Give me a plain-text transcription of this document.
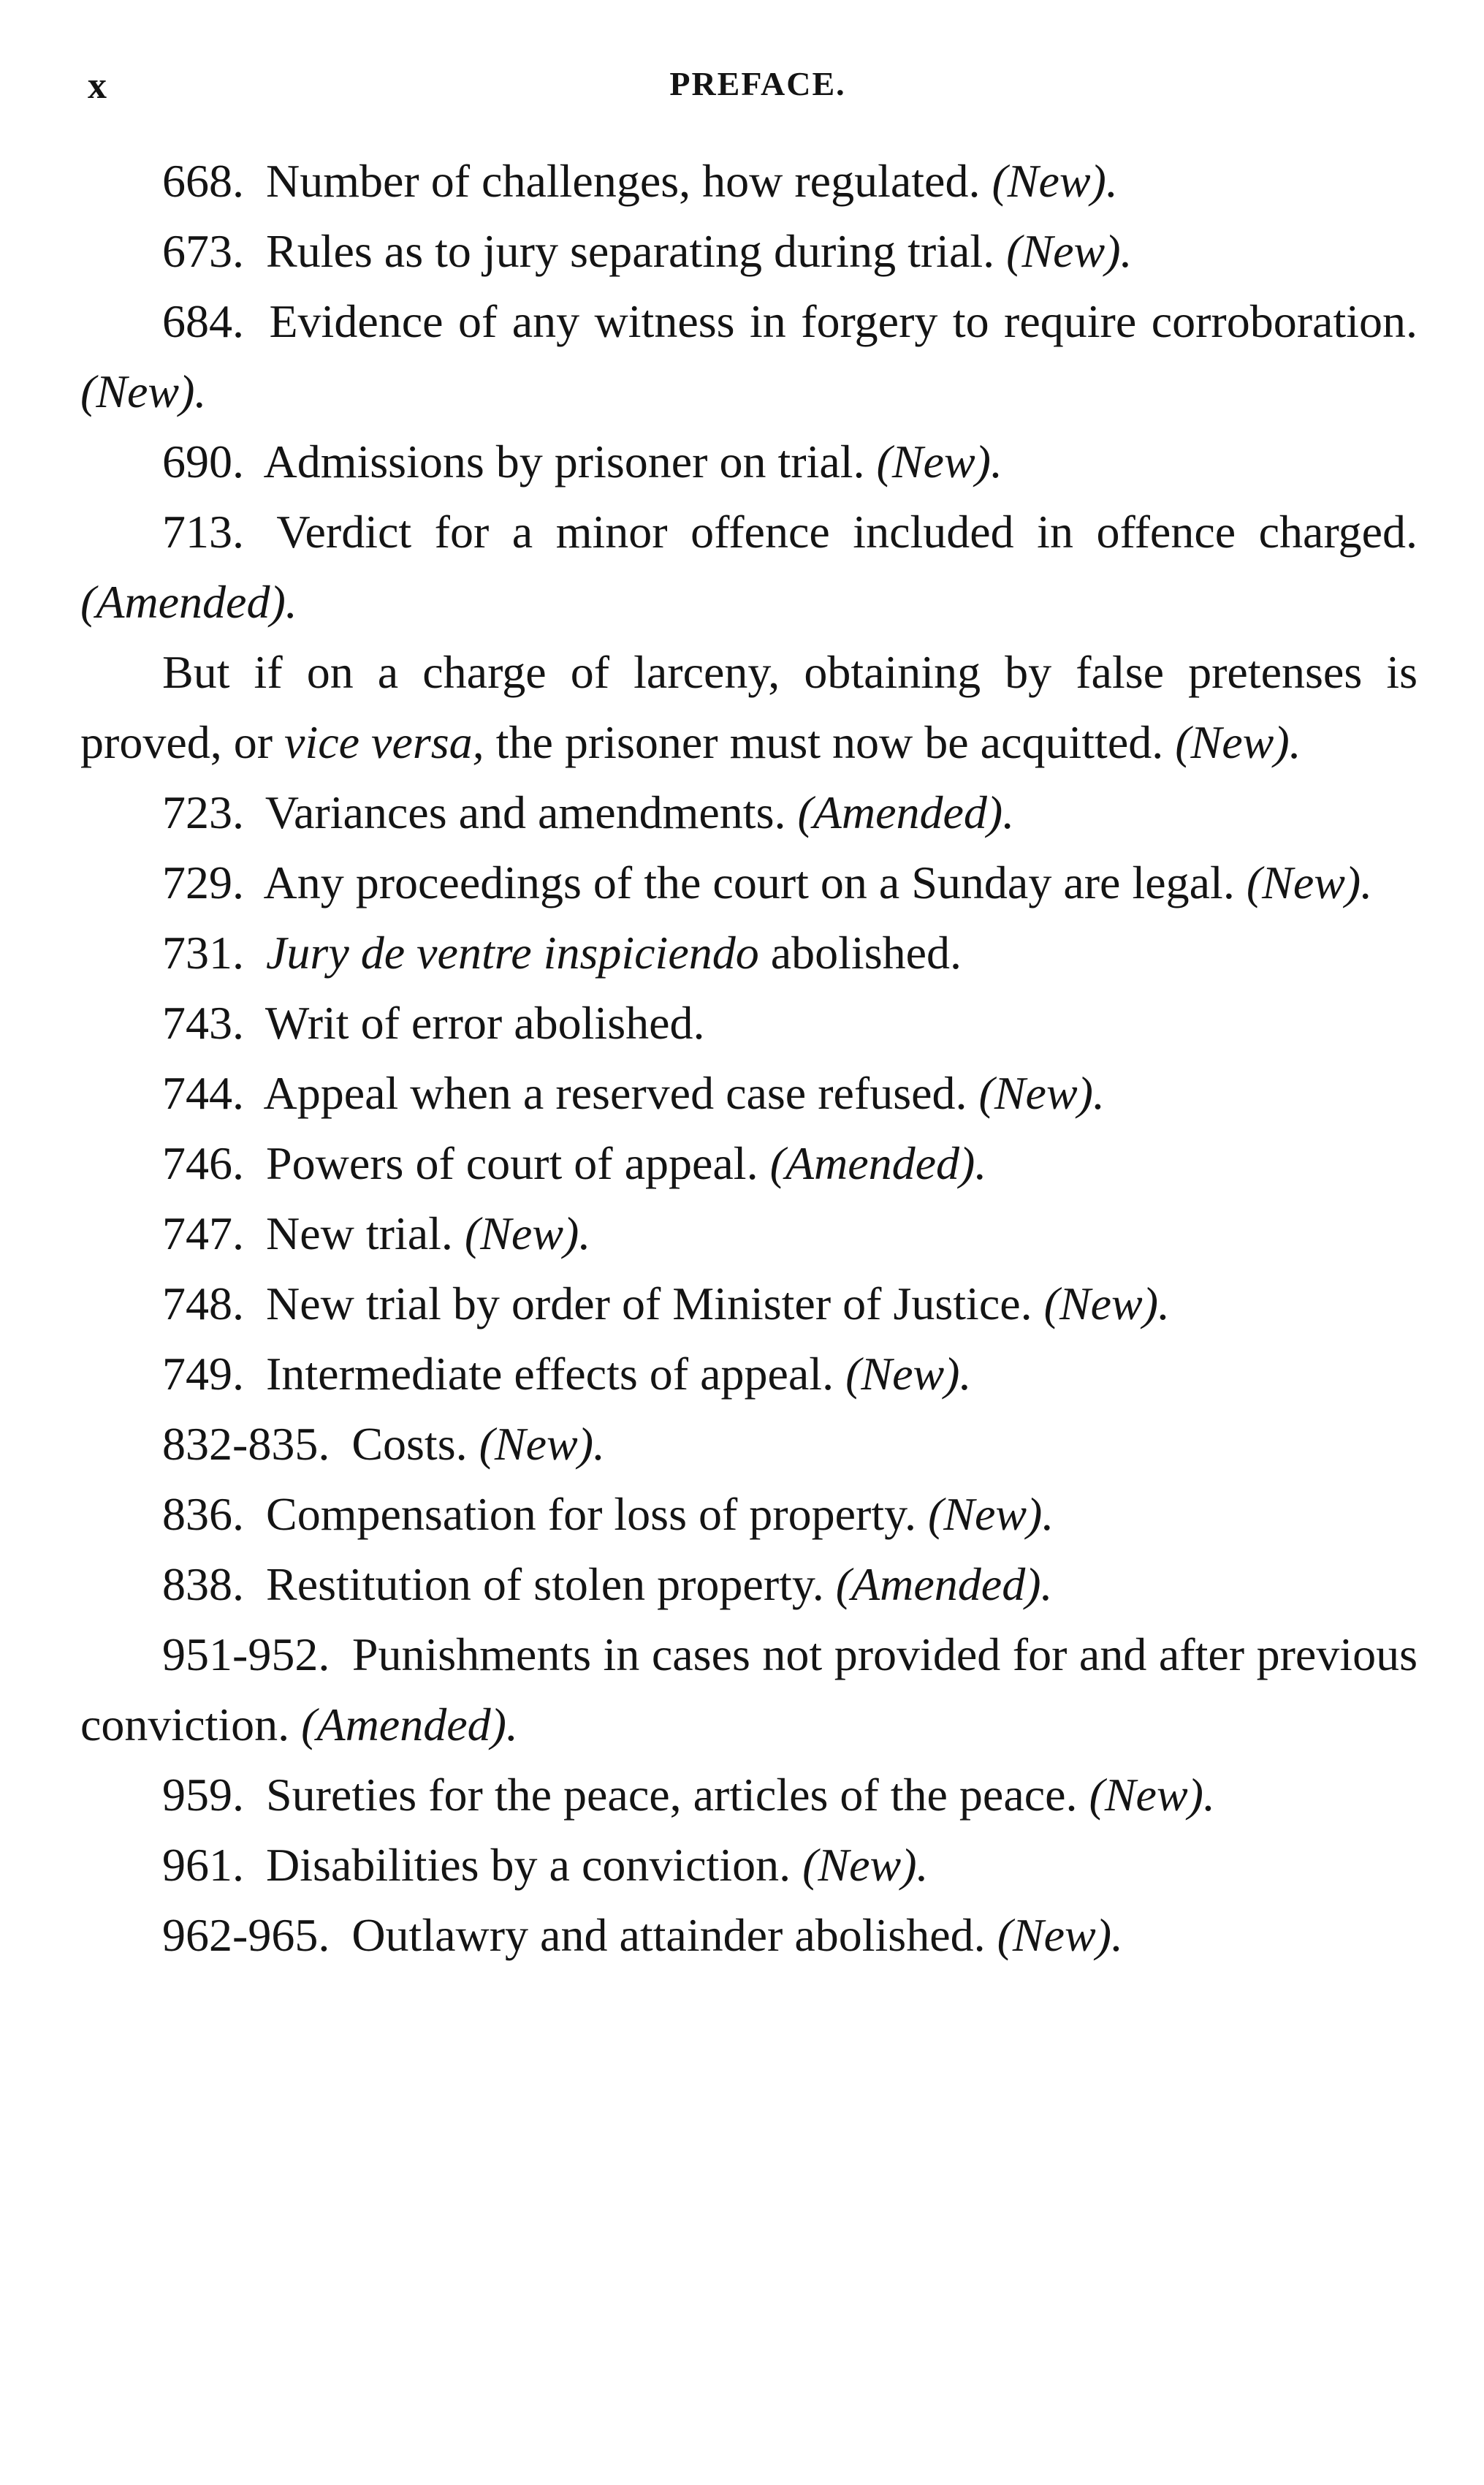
x	PREFACE.

668. Number of challenges, how regulated. (New).

673. Rules as to jury separating during trial. (New).

684. Evidence of any witness in forgery to require corroboration. (New).

690. Admissions by prisoner on trial. (New).

713. Verdict for a minor offence included in offence charged. (Amended).

But if on a charge of larceny, obtaining by false pretenses is proved, or vice versa, the prisoner must now be acquitted. (New).

723. Variances and amendments. (Amended).

729. Any proceedings of the court on a Sunday are legal. (New).

731. Jury de ventre inspiciendo abolished.

743. Writ of error abolished.

744. Appeal when a reserved case refused. (New).

746. Powers of court of appeal. (Amended).

747. New trial. (New).

748. New trial by order of Minister of Justice. (New).

749. Intermediate effects of appeal. (New).

832-835. Costs. (New).

836. Compensation for loss of property. (New).

838. Restitution of stolen property. (Amended).

951-952. Punishments in cases not provided for and after previous conviction. (Amended).

959. Sureties for the peace, articles of the peace. (New).

961. Disabilities by a conviction. (New).

962-965. Outlawry and attainder abolished. (New).
